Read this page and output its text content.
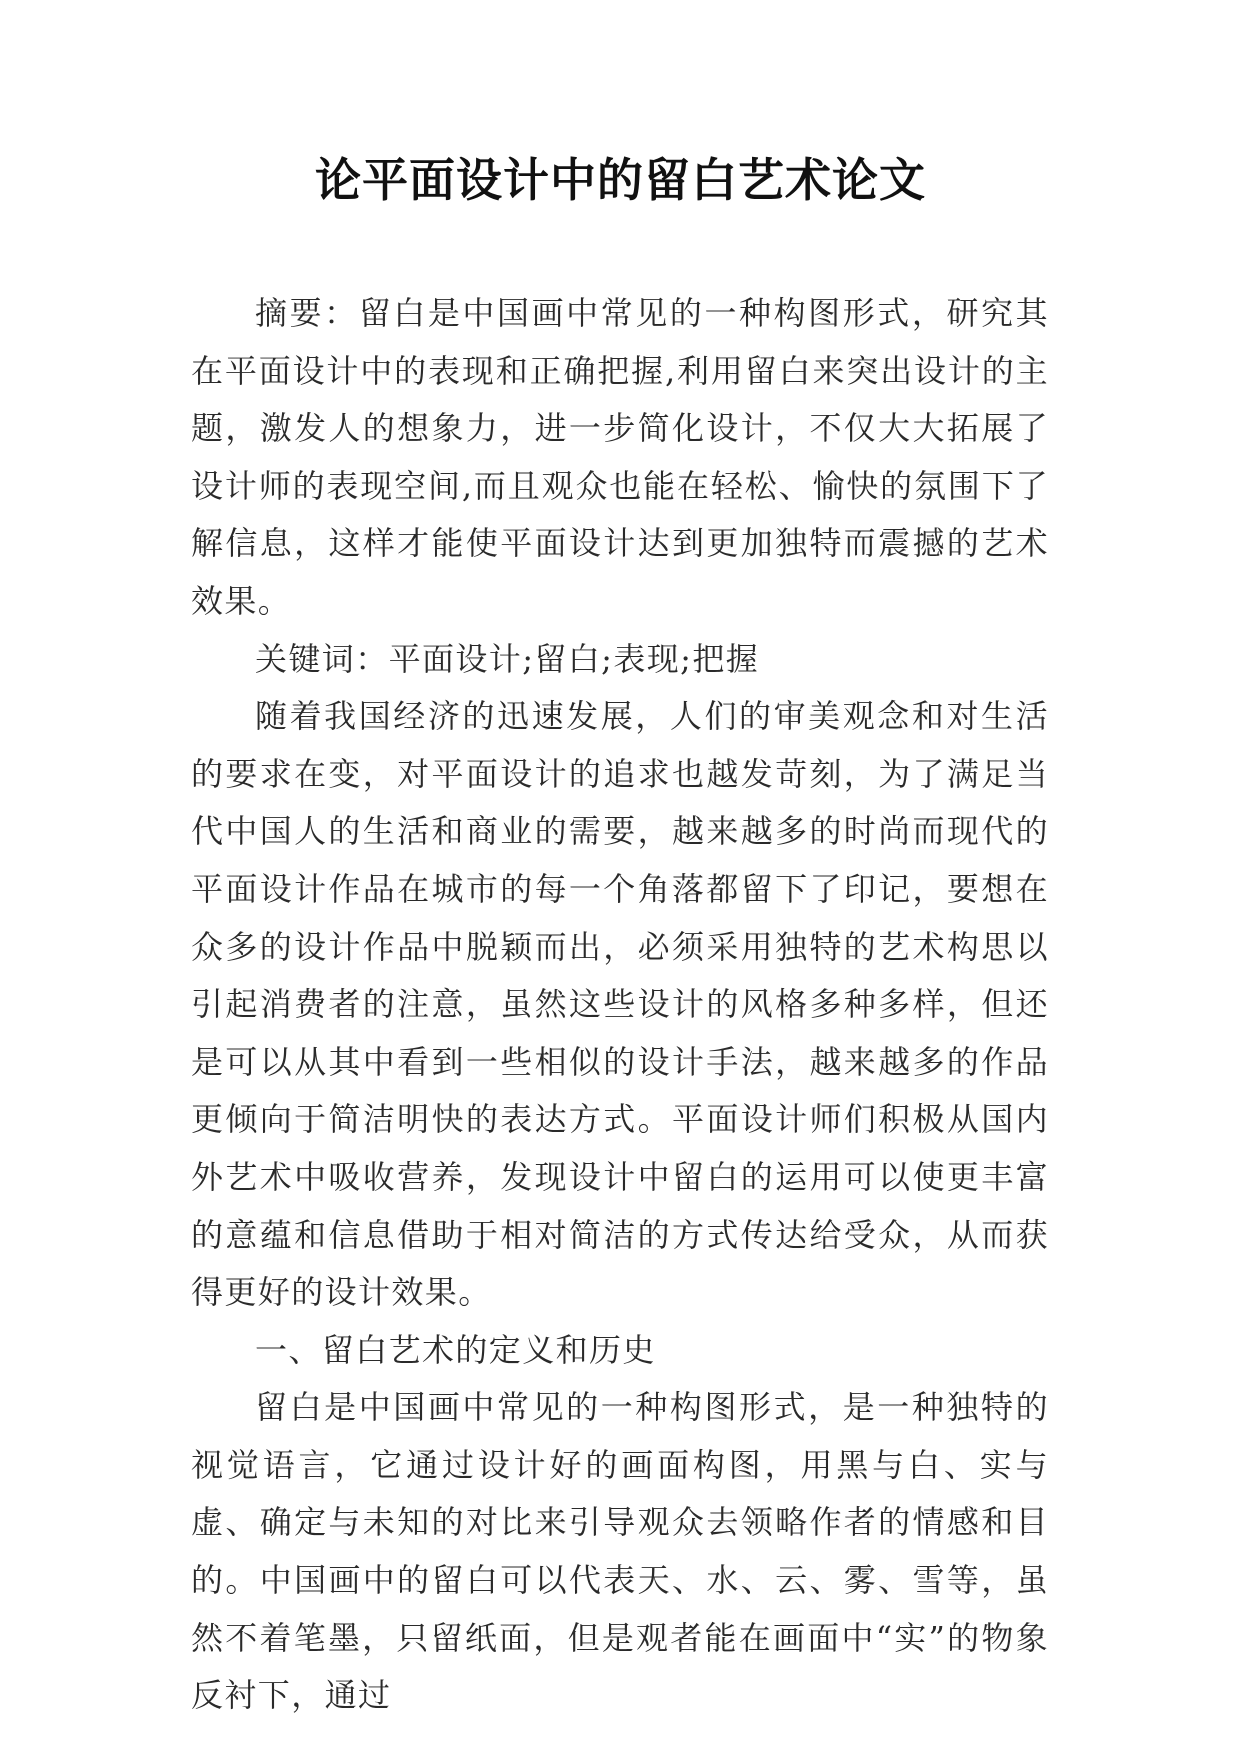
论平面设计中的留白艺术论文

摘要：留白是中国画中常见的一种构图形式，研究其在平面设计中的表现和正确把握,利用留白来突出设计的主题，激发人的想象力，进一步简化设计，不仅大大拓展了设计师的表现空间,而且观众也能在轻松、愉快的氛围下了解信息，这样才能使平面设计达到更加独特而震撼的艺术效果。

关键词：平面设计;留白;表现;把握

随着我国经济的迅速发展，人们的审美观念和对生活的要求在变，对平面设计的追求也越发苛刻，为了满足当代中国人的生活和商业的需要，越来越多的时尚而现代的平面设计作品在城市的每一个角落都留下了印记，要想在众多的设计作品中脱颖而出，必须采用独特的艺术构思以引起消费者的注意，虽然这些设计的风格多种多样，但还是可以从其中看到一些相似的设计手法，越来越多的作品更倾向于简洁明快的表达方式。平面设计师们积极从国内外艺术中吸收营养，发现设计中留白的运用可以使更丰富的意蕴和信息借助于相对简洁的方式传达给受众，从而获得更好的设计效果。

一、留白艺术的定义和历史

留白是中国画中常见的一种构图形式，是一种独特的视觉语言，它通过设计好的画面构图，用黑与白、实与虚、确定与未知的对比来引导观众去领略作者的情感和目的。中国画中的留白可以代表天、水、云、雾、雪等，虽然不着笔墨，只留纸面，但是观者能在画面中“实”的物象反衬下，通过
